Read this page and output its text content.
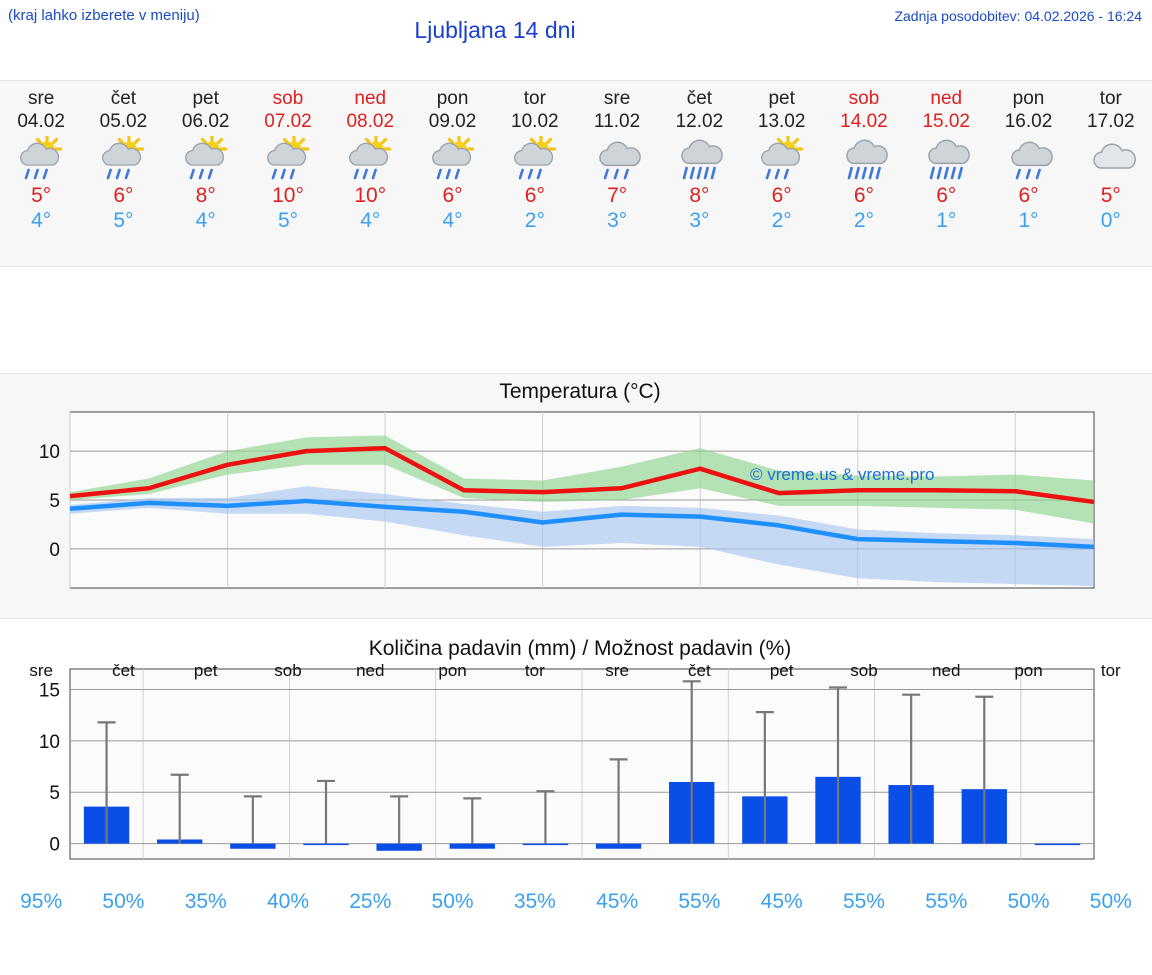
(kraj lahko izberete v meniju)
Ljubljana 14 dni
Zadnja posodobitev: 04.02.2026 - 16:24
sre
04.02
5°
4°
čet
05.02
6°
5°
pet
06.02
8°
4°
sob
07.02
10°
5°
ned
08.02
10°
4°
pon
09.02
6°
4°
tor
10.02
6°
2°
sre
11.02
7°
3°
čet
12.02
8°
3°
pet
13.02
6°
2°
sob
14.02
6°
2°
ned
15.02
6°
1°
pon
16.02
6°
1°
tor
17.02
5°
0°
Temperatura (°C)
0
5
10
© vreme.us & vreme.pro
Količina padavin (mm) / Možnost padavin (%)
0
5
10
15
sre	čet	pet	sob	ned	pon	tor	sre	čet	pet	sob	ned	pon	tor
95%	50%	35%	40%	25%	50%	35%	45%	55%	45%	55%	55%	50%	50%
